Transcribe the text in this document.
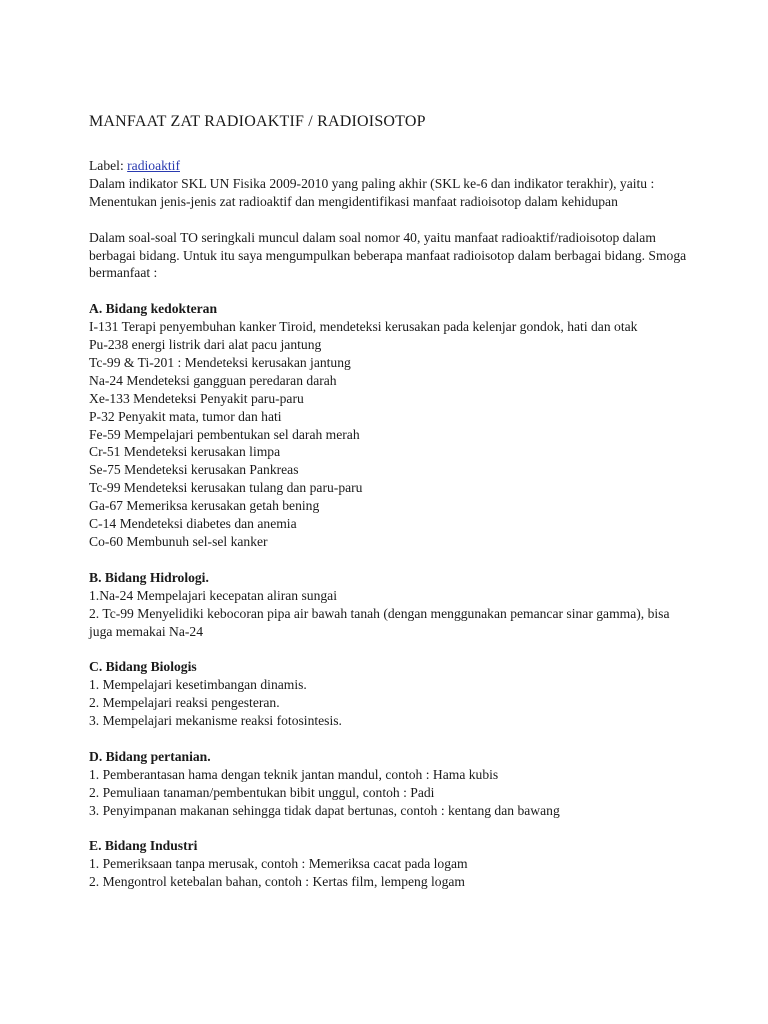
MANFAAT ZAT RADIOAKTIF / RADIOISOTOP
Label: radioaktif
Dalam indikator SKL UN Fisika 2009-2010 yang paling akhir (SKL ke-6 dan indikator terakhir), yaitu :
Menentukan jenis-jenis zat radioaktif dan mengidentifikasi manfaat radioisotop dalam kehidupan
Dalam soal-soal TO seringkali muncul dalam soal nomor 40, yaitu manfaat radioaktif/radioisotop dalam berbagai bidang. Untuk itu saya mengumpulkan beberapa manfaat radioisotop dalam berbagai bidang. Smoga bermanfaat :
A. Bidang kedokteran
I-131 Terapi penyembuhan kanker Tiroid, mendeteksi kerusakan pada kelenjar gondok, hati dan otak
Pu-238 energi listrik dari alat pacu jantung
Tc-99 & Ti-201 : Mendeteksi kerusakan jantung
Na-24 Mendeteksi gangguan peredaran darah
Xe-133 Mendeteksi Penyakit paru-paru
P-32 Penyakit mata, tumor dan hati
Fe-59 Mempelajari pembentukan sel darah merah
Cr-51 Mendeteksi kerusakan limpa
Se-75 Mendeteksi kerusakan Pankreas
Tc-99 Mendeteksi kerusakan tulang dan paru-paru
Ga-67 Memeriksa kerusakan getah bening
C-14 Mendeteksi diabetes dan anemia
Co-60 Membunuh sel-sel kanker
B. Bidang Hidrologi.
1.Na-24 Mempelajari kecepatan aliran sungai
2. Tc-99 Menyelidiki kebocoran pipa air bawah tanah (dengan menggunakan pemancar sinar gamma), bisa juga memakai Na-24
C. Bidang Biologis
1. Mempelajari kesetimbangan dinamis.
2. Mempelajari reaksi pengesteran.
3. Mempelajari mekanisme reaksi fotosintesis.
D. Bidang pertanian.
1. Pemberantasan hama dengan teknik jantan mandul, contoh : Hama kubis
2. Pemuliaan tanaman/pembentukan bibit unggul, contoh : Padi
3. Penyimpanan makanan sehingga tidak dapat bertunas, contoh : kentang dan bawang
E. Bidang Industri
1. Pemeriksaan tanpa merusak, contoh : Memeriksa cacat pada logam
2. Mengontrol ketebalan bahan, contoh : Kertas film, lempeng logam
